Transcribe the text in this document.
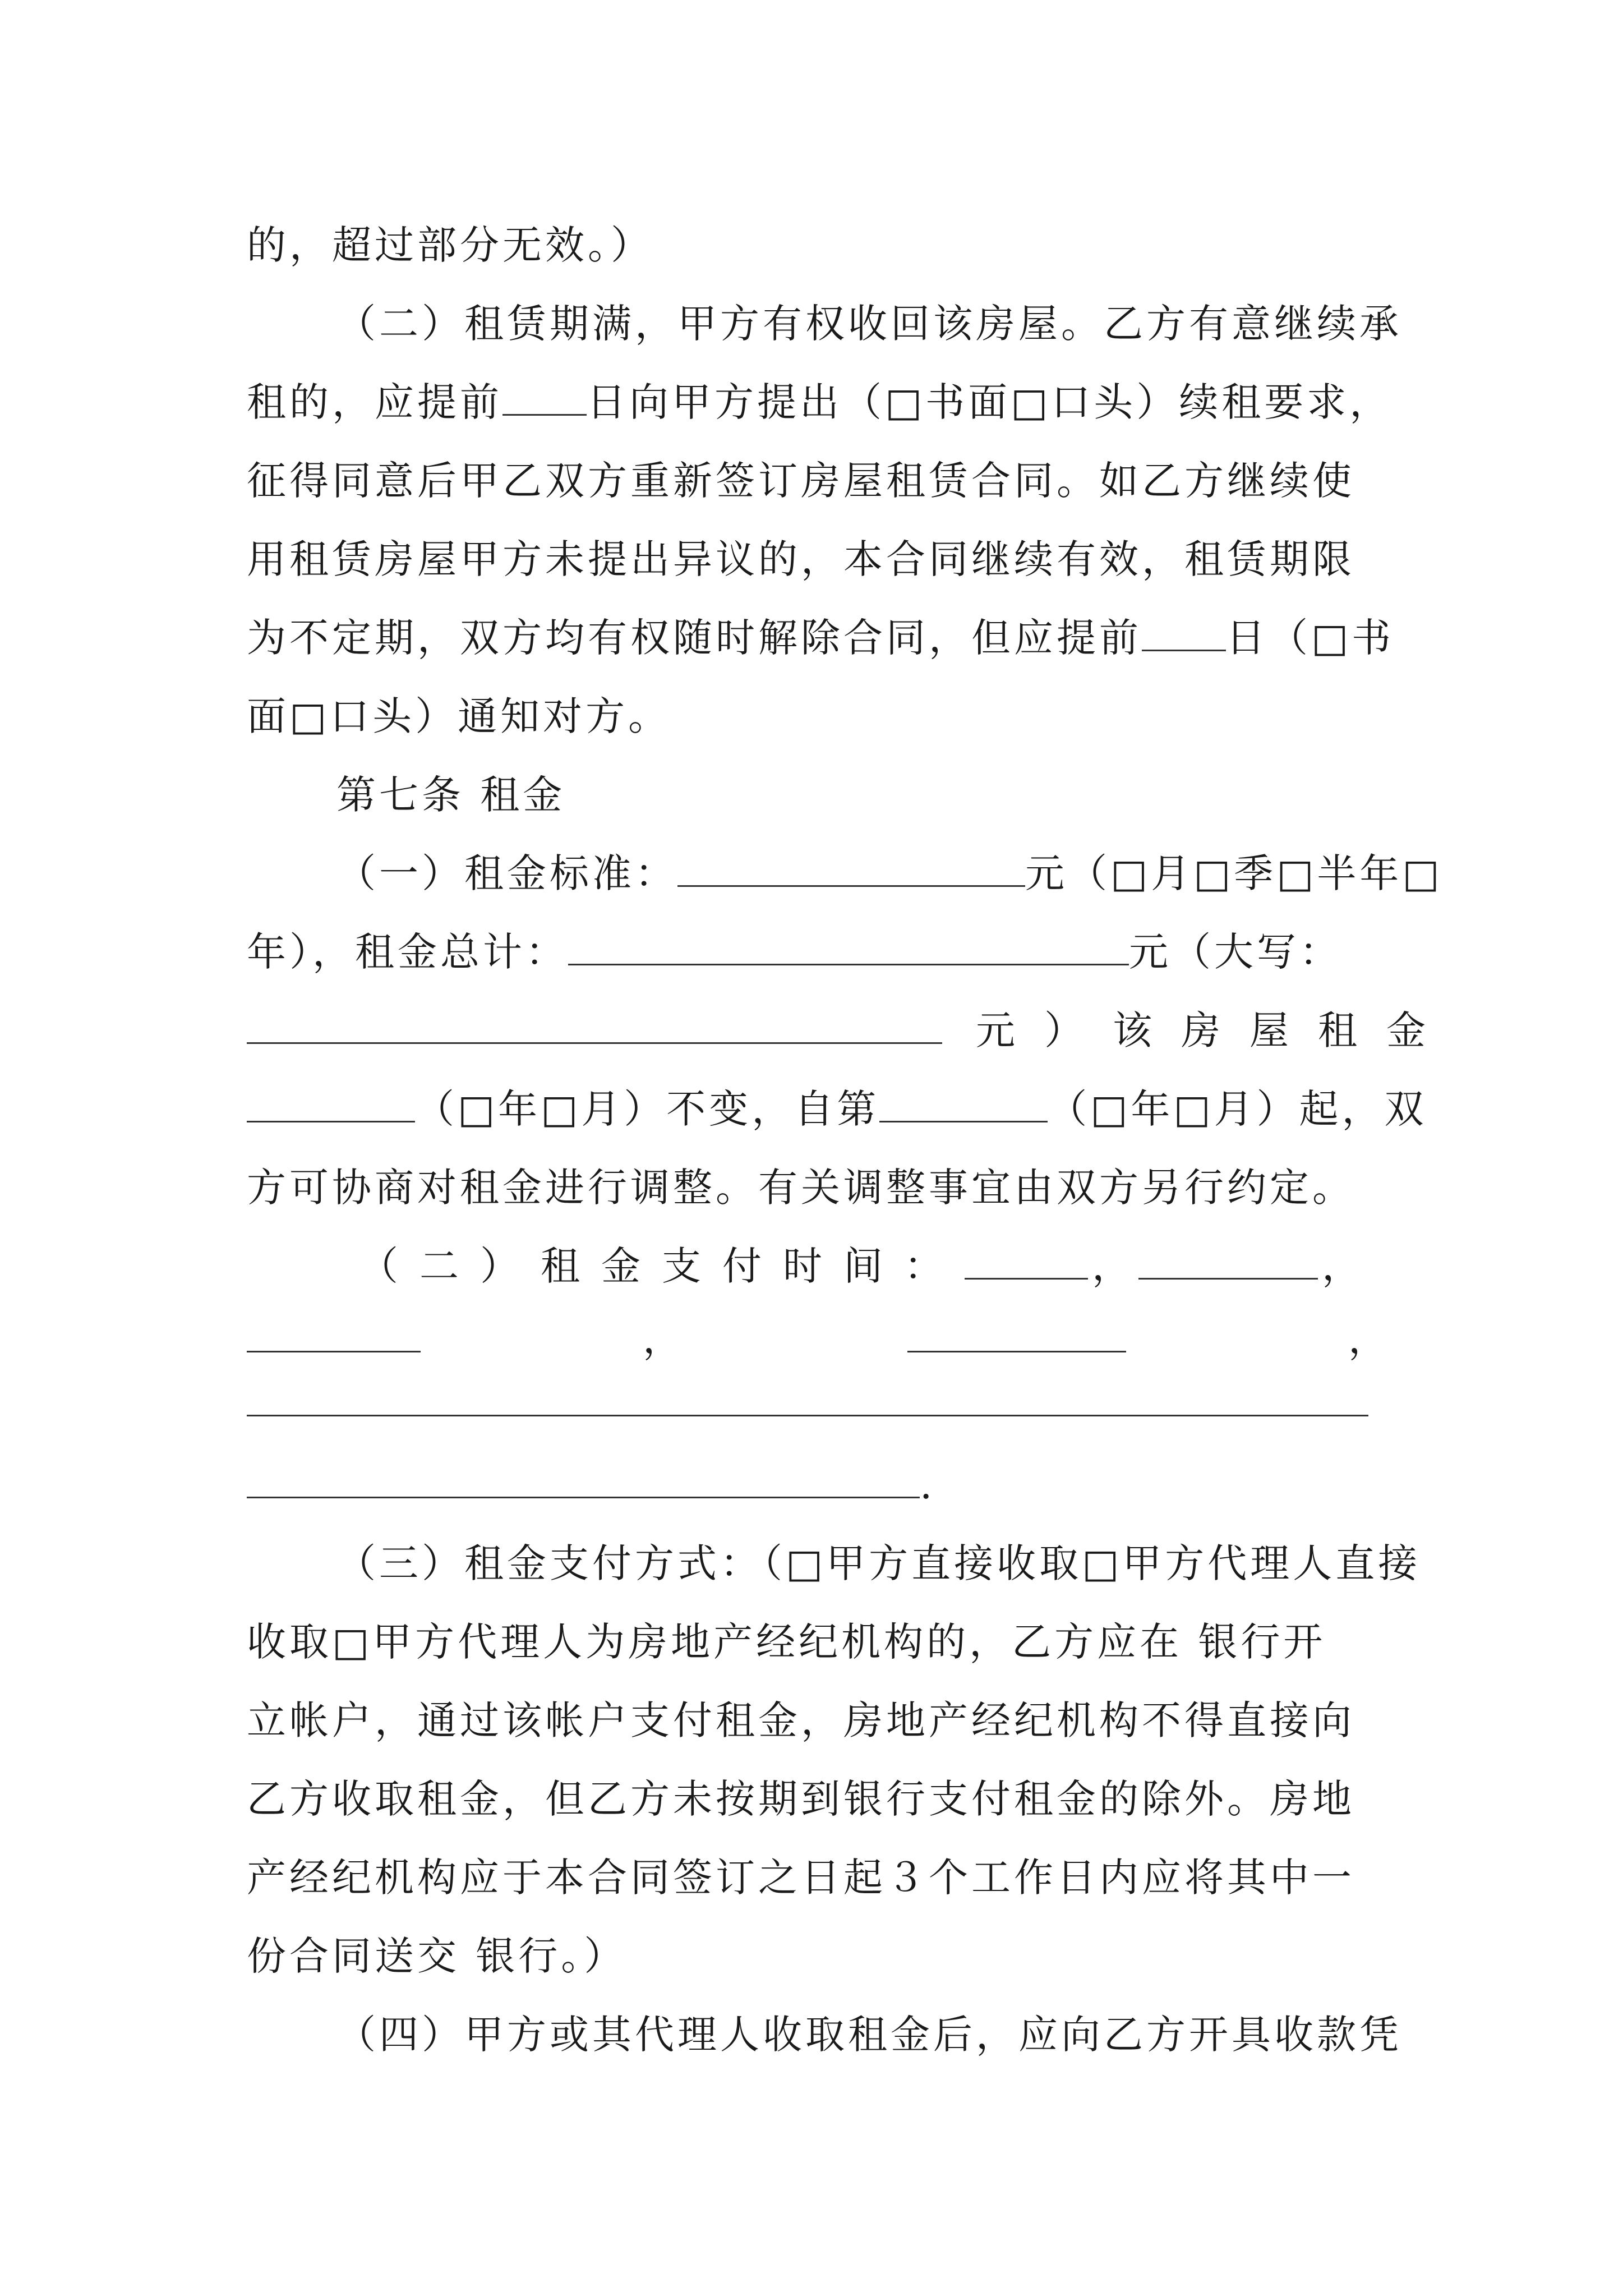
的，超过部分无效。）
（二）租赁期满，甲方有权收回该房屋。乙方有意继续承
租的，应提前 日向甲方提出（□书面□口头）续租要求，
征得同意后甲乙双方重新签订房屋租赁合同。如乙方继续使
用租赁房屋甲方未提出异议的，本合同继续有效，租赁期限
为不定期，双方均有权随时解除合同，但应提前 日（□书
面□口头）通知对方。
第七条 租金
（一）租金标准：	元（□月□季□半年□
年），租金总计：	元（大写：
元）该房屋租金
（□年□月）不变，自第	（□年□月）起，双
方可协商对租金进行调整。有关调整事宜由双方另行约定。
（二）租金支付时间：	，	，
，	，
.
（三）租金支付方式：（□甲方直接收取□甲方代理人直接
收取□甲方代理人为房地产经纪机构的，乙方应在 银行开
立帐户，通过该帐户支付租金，房地产经纪机构不得直接向
乙方收取租金，但乙方未按期到银行支付租金的除外。房地
产经纪机构应于本合同签订之日起３个工作日内应将其中一
份合同送交 银行。）
（四）甲方或其代理人收取租金后，应向乙方开具收款凭
